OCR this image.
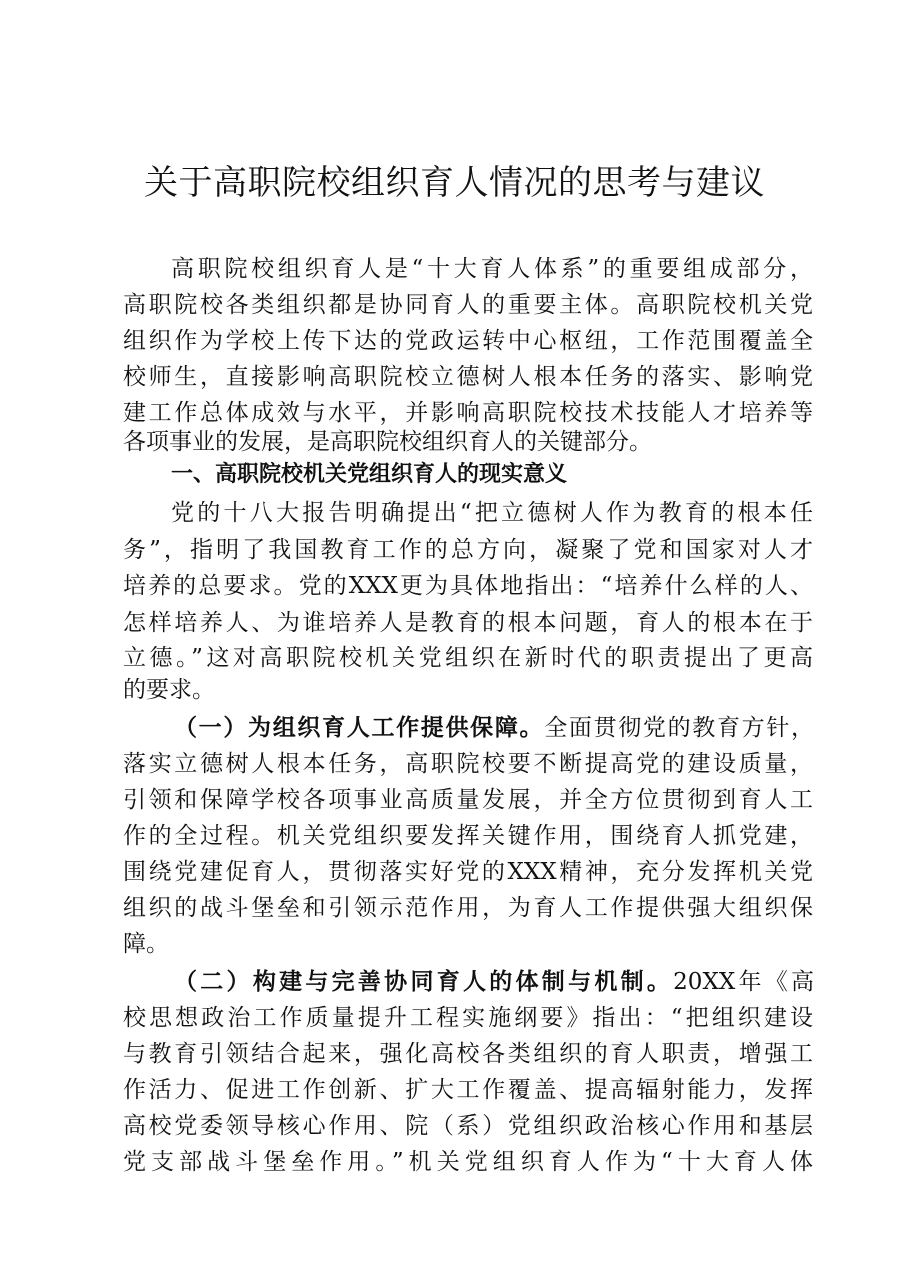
关于高职院校组织育人情况的思考与建议
高职院校组织育人是“十大育人体系”的重要组成部分，
高职院校各类组织都是协同育人的重要主体。高职院校机关党
组织作为学校上传下达的党政运转中心枢纽，工作范围覆盖全
校师生，直接影响高职院校立德树人根本任务的落实、影响党
建工作总体成效与水平，并影响高职院校技术技能人才培养等
各项事业的发展，是高职院校组织育人的关键部分。
一、高职院校机关党组织育人的现实意义
党的十八大报告明确提出“把立德树人作为教育的根本任
务”，指明了我国教育工作的总方向，凝聚了党和国家对人才
培养的总要求。党的XXX更为具体地指出：“培养什么样的人、
怎样培养人、为谁培养人是教育的根本问题，育人的根本在于
立德。”这对高职院校机关党组织在新时代的职责提出了更高
的要求。
（一）为组织育人工作提供保障。全面贯彻党的教育方针，
落实立德树人根本任务，高职院校要不断提高党的建设质量，
引领和保障学校各项事业高质量发展，并全方位贯彻到育人工
作的全过程。机关党组织要发挥关键作用，围绕育人抓党建，
围绕党建促育人，贯彻落实好党的XXX精神，充分发挥机关党
组织的战斗堡垒和引领示范作用，为育人工作提供强大组织保
障。
（二）构建与完善协同育人的体制与机制。20XX年《高
校思想政治工作质量提升工程实施纲要》指出：“把组织建设
与教育引领结合起来，强化高校各类组织的育人职责，增强工
作活力、促进工作创新、扩大工作覆盖、提高辐射能力，发挥
高校党委领导核心作用、院（系）党组织政治核心作用和基层
党支部战斗堡垒作用。”机关党组织育人作为“十大育人体
